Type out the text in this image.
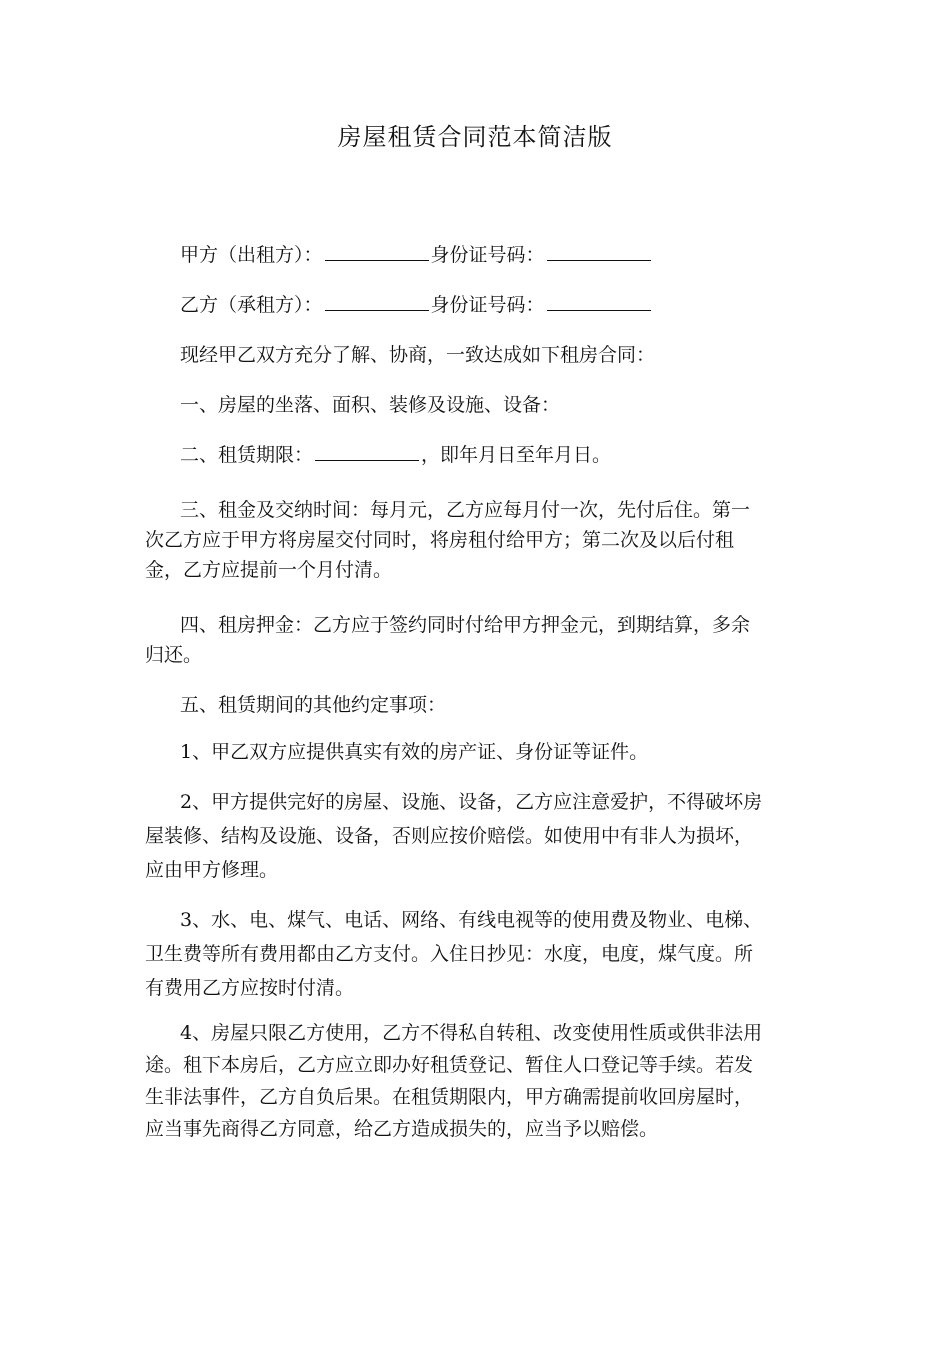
房屋租赁合同范本简洁版
甲方（出租方）：	身份证号码：
乙方（承租方）：	身份证号码：
现经甲乙双方充分了解、协商，一致达成如下租房合同：
一、房屋的坐落、面积、装修及设施、设备：
二、租赁期限：	，即年月日至年月日。
三、租金及交纳时间：每月元，乙方应每月付一次，先付后住。第一次乙方应于甲方将房屋交付同时，将房租付给甲方；第二次及以后付租金，乙方应提前一个月付清。
四、租房押金：乙方应于签约同时付给甲方押金元，到期结算，多余归还。
五、租赁期间的其他约定事项：
1、甲乙双方应提供真实有效的房产证、身份证等证件。
2、甲方提供完好的房屋、设施、设备，乙方应注意爱护，不得破坏房屋装修、结构及设施、设备，否则应按价赔偿。如使用中有非人为损坏，应由甲方修理。
3、水、电、煤气、电话、网络、有线电视等的使用费及物业、电梯、卫生费等所有费用都由乙方支付。入住日抄见：水度，电度，煤气度。所有费用乙方应按时付清。
4、房屋只限乙方使用，乙方不得私自转租、改变使用性质或供非法用途。租下本房后，乙方应立即办好租赁登记、暂住人口登记等手续。若发生非法事件，乙方自负后果。在租赁期限内，甲方确需提前收回房屋时，应当事先商得乙方同意，给乙方造成损失的，应当予以赔偿。
